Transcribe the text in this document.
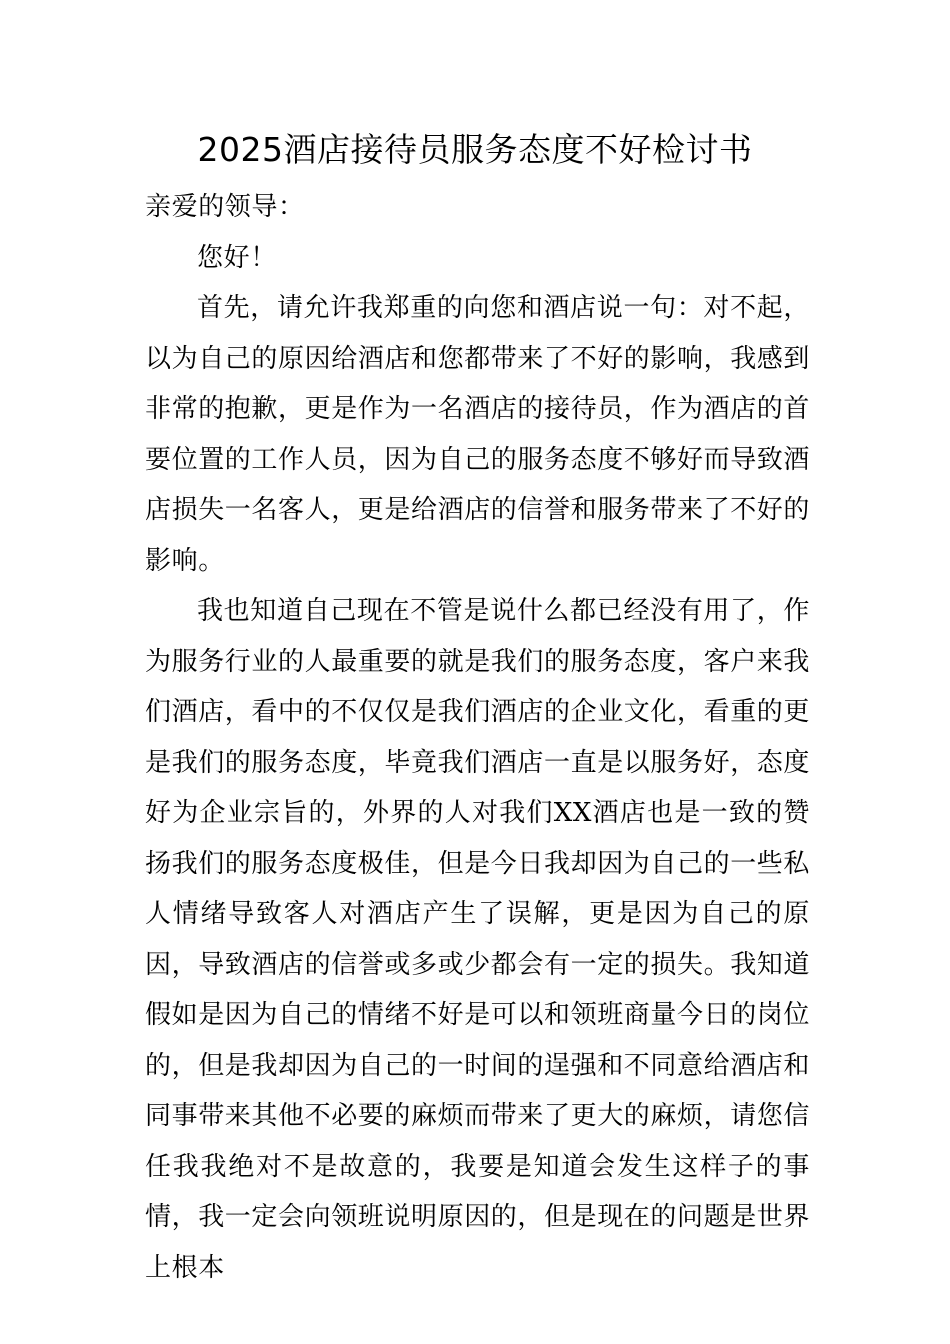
2025酒店接待员服务态度不好检讨书

亲爱的领导：

您好！

首先，请允许我郑重的向您和酒店说一句：对不起，以为自己的原因给酒店和您都带来了不好的影响，我感到非常的抱歉，更是作为一名酒店的接待员，作为酒店的首要位置的工作人员，因为自己的服务态度不够好而导致酒店损失一名客人，更是给酒店的信誉和服务带来了不好的影响。

我也知道自己现在不管是说什么都已经没有用了，作为服务行业的人最重要的就是我们的服务态度，客户来我们酒店，看中的不仅仅是我们酒店的企业文化，看重的更是我们的服务态度，毕竟我们酒店一直是以服务好，态度好为企业宗旨的，外界的人对我们XX酒店也是一致的赞扬我们的服务态度极佳，但是今日我却因为自己的一些私人情绪导致客人对酒店产生了误解，更是因为自己的原因，导致酒店的信誉或多或少都会有一定的损失。我知道假如是因为自己的情绪不好是可以和领班商量今日的岗位的，但是我却因为自己的一时间的逞强和不同意给酒店和同事带来其他不必要的麻烦而带来了更大的麻烦，请您信任我我绝对不是故意的，我要是知道会发生这样子的事情，我一定会向领班说明原因的，但是现在的问题是世界上根本
